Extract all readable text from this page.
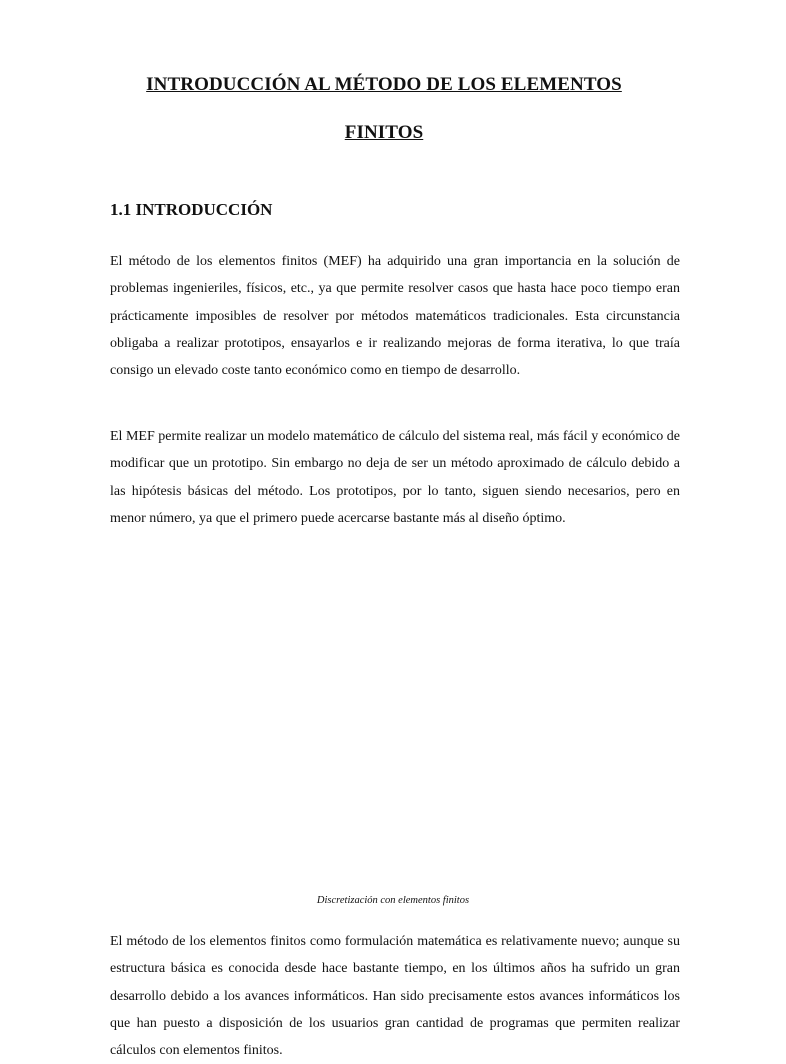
INTRODUCCIÓN AL MÉTODO DE LOS ELEMENTOS
FINITOS
1.1 INTRODUCCIÓN

El método de los elementos finitos (MEF) ha adquirido una gran importancia en la solución de problemas ingenieriles, físicos, etc., ya que permite resolver casos que hasta hace poco tiempo eran prácticamente imposibles de resolver por métodos matemáticos tradicionales. Esta circunstancia obligaba a realizar prototipos, ensayarlos e ir realizando mejoras de forma iterativa, lo que traía consigo un elevado coste tanto económico como en tiempo de desarrollo.

El MEF permite realizar un modelo matemático de cálculo del sistema real, más fácil y económico de modificar que un prototipo. Sin embargo no deja de ser un método aproximado de cálculo debido a las hipótesis básicas del método. Los prototipos, por lo tanto, siguen siendo necesarios, pero en menor número, ya que el primero puede acercarse bastante más al diseño óptimo.

Discretización con elementos finitos

El método de los elementos finitos como formulación matemática es relativamente nuevo; aunque su estructura básica es conocida desde hace bastante tiempo, en los últimos años ha sufrido un gran desarrollo debido a los avances informáticos. Han sido precisamente estos avances informáticos los que han puesto a disposición de los usuarios gran cantidad de programas que permiten realizar cálculos con elementos finitos.
